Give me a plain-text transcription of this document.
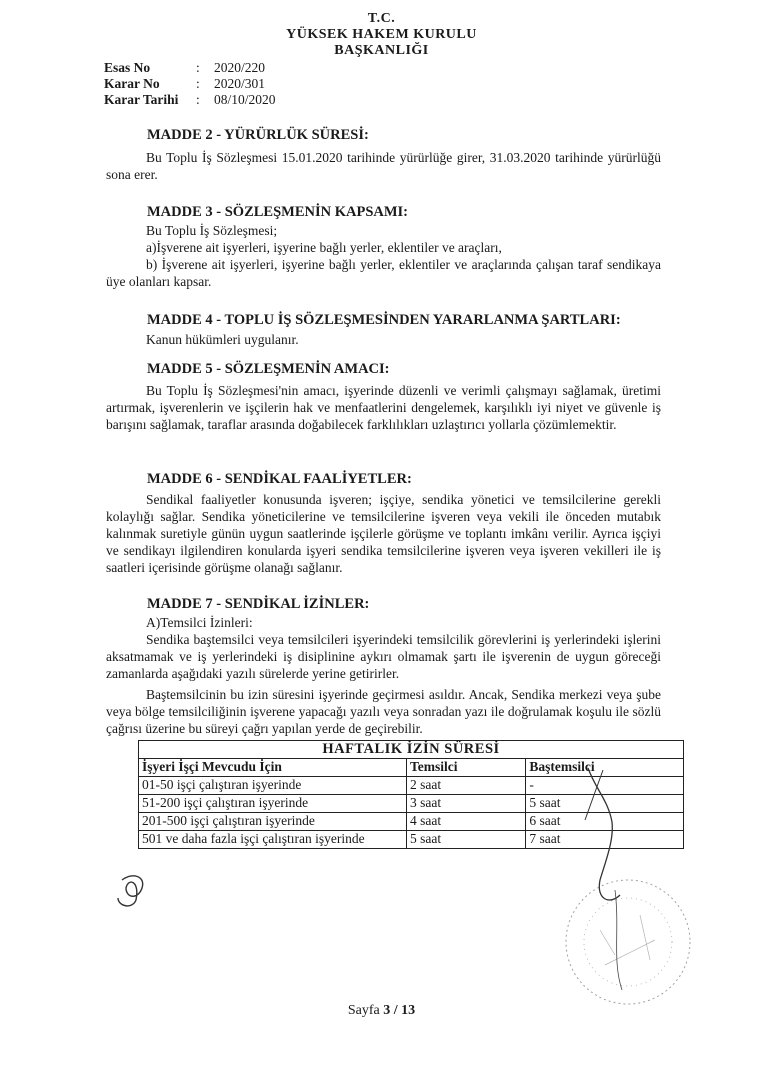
T.C.
YÜKSEK HAKEM KURULU
BAŞKANLIĞI
Esas No	:	2020/220
Karar No	:	2020/301
Karar Tarihi	:	08/10/2020
MADDE 2 - YÜRÜRLÜK SÜRESİ:
Bu Toplu İş Sözleşmesi 15.01.2020 tarihinde yürürlüğe girer, 31.03.2020 tarihinde yürürlüğü sona erer.
MADDE 3 - SÖZLEŞMENİN KAPSAMI:
Bu Toplu İş Sözleşmesi;
a)İşverene ait işyerleri, işyerine bağlı yerler, eklentiler ve araçları,
b) İşverene ait işyerleri, işyerine bağlı yerler, eklentiler ve araçlarında çalışan taraf sendikaya üye olanları kapsar.
MADDE 4 - TOPLU İŞ SÖZLEŞMESİNDEN YARARLANMA ŞARTLARI:
Kanun hükümleri uygulanır.
MADDE 5 - SÖZLEŞMENİN AMACI:
Bu Toplu İş Sözleşmesi'nin amacı, işyerinde düzenli ve verimli çalışmayı sağlamak, üretimi artırmak, işverenlerin ve işçilerin hak ve menfaatlerini dengelemek, karşılıklı iyi niyet ve güvenle iş barışını sağlamak, taraflar arasında doğabilecek farklılıkları uzlaştırıcı yollarla çözümlemektir.
MADDE 6 - SENDİKAL FAALİYETLER:
Sendikal faaliyetler konusunda işveren; işçiye, sendika yönetici ve temsilcilerine gerekli kolaylığı sağlar. Sendika yöneticilerine ve temsilcilerine işveren veya vekili ile önceden mutabık kalınmak suretiyle günün uygun saatlerinde işçilerle görüşme ve toplantı imkânı verilir. Ayrıca işçiyi ve sendikayı ilgilendiren konularda işyeri sendika temsilcilerine işveren veya işveren vekilleri ile iş saatleri içerisinde görüşme olanağı sağlanır.
MADDE 7 - SENDİKAL İZİNLER:
A)Temsilci İzinleri:
Sendika baştemsilci veya temsilcileri işyerindeki temsilcilik görevlerini iş yerlerindeki işlerini aksatmamak ve iş yerlerindeki iş disiplinine aykırı olmamak şartı ile işverenin de uygun göreceği zamanlarda aşağıdaki yazılı sürelerde yerine getirirler.
Baştemsilcinin bu izin süresini işyerinde geçirmesi asıldır. Ancak, Sendika merkezi veya şube veya bölge temsilciliğinin işverene yapacağı yazılı veya sonradan yazı ile doğrulamak koşulu ile sözlü çağrısı üzerine bu süreyi çağrı yapılan yerde de geçirebilir.
HAFTALIK İZİN SÜRESİ		
İşyeri İşçi Mevcudu İçin	Temsilci	Baştemsilci
01-50 işçi çalıştıran işyerinde	2 saat	-
51-200 işçi çalıştıran işyerinde	3 saat	5 saat
201-500 işçi çalıştıran işyerinde	4 saat	6 saat
501 ve daha fazla işçi çalıştıran işyerinde	5 saat	7 saat
Sayfa 3 / 13
